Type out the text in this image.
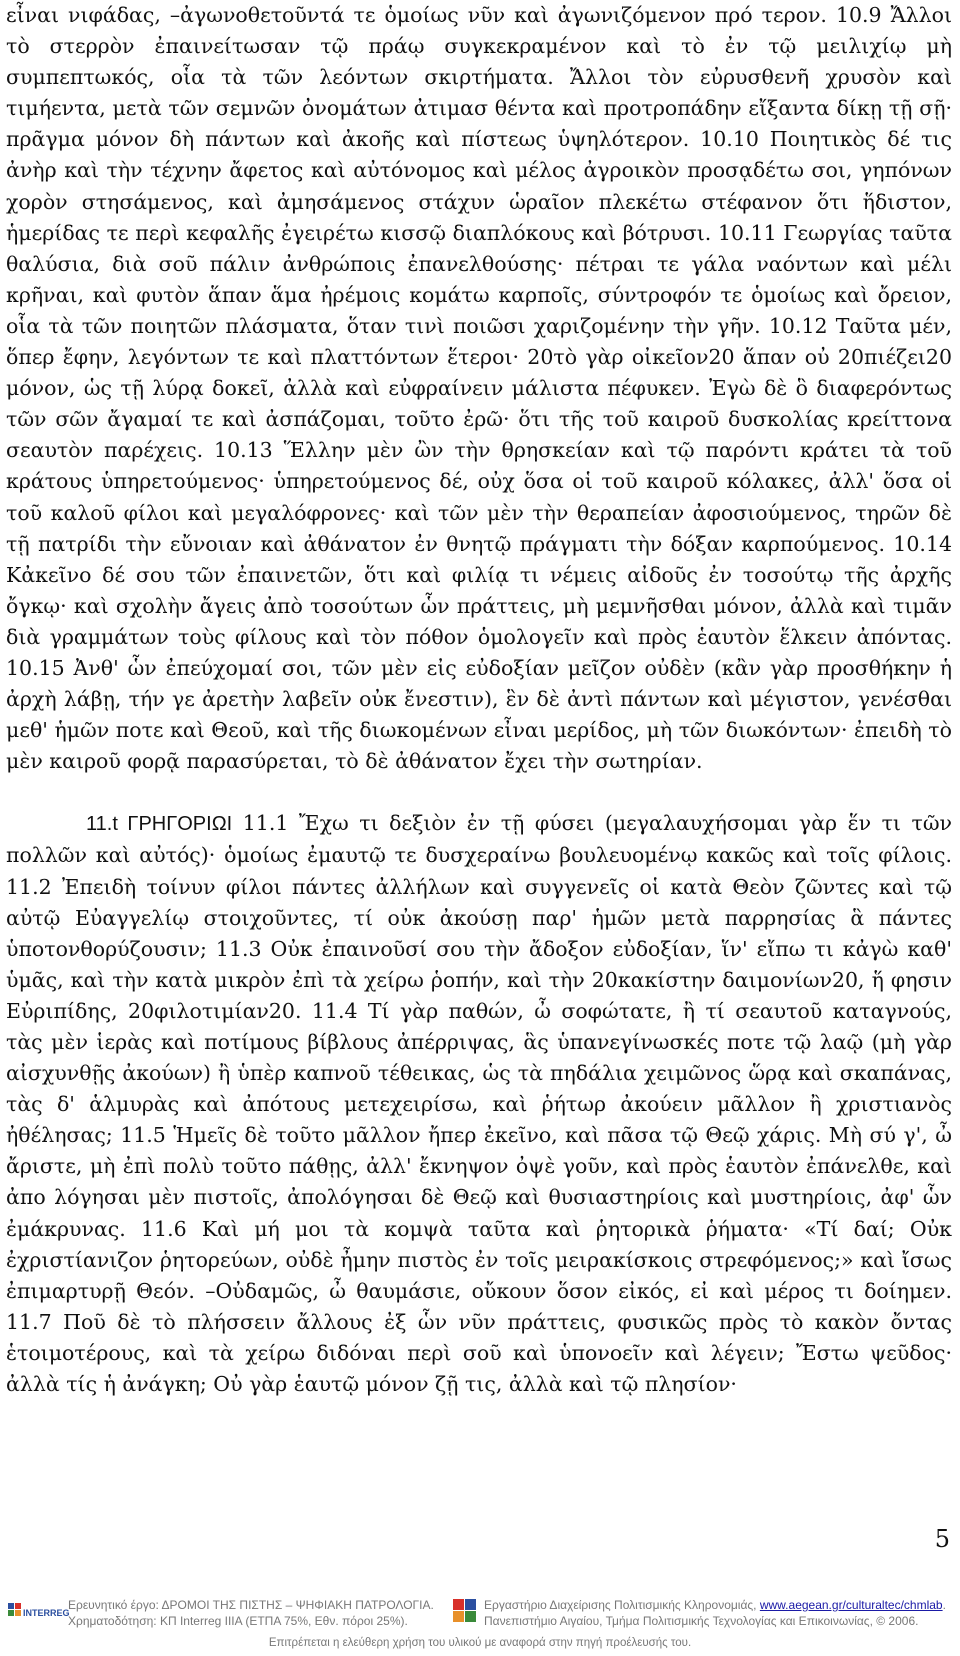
εἶναι νιφάδας, –ἀγωνοθετοῦντά τε ὁμοίως νῦν καὶ ἀγωνιζόμενον πρό τερον. 10.9 Ἄλλοι τὸ στερρὸν ἐπαινείτωσαν τῷ πράῳ συγκεκραμένον καὶ τὸ ἐν τῷ μειλιχίῳ μὴ συμπεπτωκός, οἷα τὰ τῶν λεόντων σκιρτήματα. Ἄλλοι τὸν εὐρυσθενῆ χρυσὸν καὶ τιμήεντα, μετὰ τῶν σεμνῶν ὀνομάτων ἀτιμασ θέντα καὶ προτροπάδην εἴξαντα δίκῃ τῇ σῇ· πρᾶγμα μόνον δὴ πάντων καὶ ἀκοῆς καὶ πίστεως ὑψηλότερον. 10.10 Ποιητικὸς δέ τις ἀνὴρ καὶ τὴν τέχνην ἄφετος καὶ αὐτόνομος καὶ μέλος ἀγροικὸν προσᾳδέτω σοι, γηπόνων χορὸν στησάμενος, καὶ ἀμησάμενος στάχυν ὡραῖον πλεκέτω στέφανον ὅτι ἥδιστον, ἡμερίδας τε περὶ κεφαλῆς ἐγειρέτω κισσῷ διαπλόκους καὶ βότρυσι. 10.11 Γεωργίας ταῦτα θαλύσια, διὰ σοῦ πάλιν ἀνθρώποις ἐπανελθούσης· πέτραι τε γάλα ναόντων καὶ μέλι κρῆναι, καὶ φυτὸν ἅπαν ἅμα ἠρέμοις κομάτω καρποῖς, σύντροφόν τε ὁμοίως καὶ ὄρειον, οἷα τὰ τῶν ποιητῶν πλάσματα, ὅταν τινὶ ποιῶσι χαριζομένην τὴν γῆν. 10.12 Ταῦτα μέν, ὅπερ ἔφην, λεγόντων τε καὶ πλαττόντων ἕτεροι· 20τὸ γὰρ οἰκεῖον20 ἅπαν οὐ 20πιέζει20 μόνον, ὡς τῇ λύρᾳ δοκεῖ, ἀλλὰ καὶ εὐφραίνειν μάλιστα πέφυκεν. Ἐγὼ δὲ ὃ διαφερόντως τῶν σῶν ἄγαμαί τε καὶ ἀσπάζομαι, τοῦτο ἐρῶ· ὅτι τῆς τοῦ καιροῦ δυσκολίας κρείττονα σεαυτὸν παρέχεις. 10.13 Ἕλλην μὲν ὢν τὴν θρησκείαν καὶ τῷ παρόντι κράτει τὰ τοῦ κράτους ὑπηρετούμενος· ὑπηρετούμενος δέ, οὐχ ὅσα οἱ τοῦ καιροῦ κόλακες, ἀλλ' ὅσα οἱ τοῦ καλοῦ φίλοι καὶ μεγαλόφρονες· καὶ τῶν μὲν τὴν θεραπείαν ἀφοσιούμενος, τηρῶν δὲ τῇ πατρίδι τὴν εὔνοιαν καὶ ἀθάνατον ἐν θνητῷ πράγματι τὴν δόξαν καρπούμενος. 10.14 Κἀκεῖνο δέ σου τῶν ἐπαινετῶν, ὅτι καὶ φιλίᾳ τι νέμεις αἰδοῦς ἐν τοσούτῳ τῆς ἀρχῆς ὄγκῳ· καὶ σχολὴν ἄγεις ἀπὸ τοσούτων ὧν πράττεις, μὴ μεμνῆσθαι μόνον, ἀλλὰ καὶ τιμᾶν διὰ γραμμάτων τοὺς φίλους καὶ τὸν πόθον ὁμολογεῖν καὶ πρὸς ἑαυτὸν ἕλκειν ἀπόντας. 10.15 Ἀνθ' ὧν ἐπεύχομαί σοι, τῶν μὲν εἰς εὐδοξίαν μεῖζον οὐδὲν (κἂν γὰρ προσθήκην ἡ ἀρχὴ λάβῃ, τήν γε ἀρετὴν λαβεῖν οὐκ ἔνεστιν), ἓν δὲ ἀντὶ πάντων καὶ μέγιστον, γενέσθαι μεθ' ἡμῶν ποτε καὶ Θεοῦ, καὶ τῆς διωκομένων εἶναι μερίδος, μὴ τῶν διωκόντων· ἐπειδὴ τὸ μὲν καιροῦ φορᾷ παρασύρεται, τὸ δὲ ἀθάνατον ἔχει τὴν σωτηρίαν.

11.t ΓΡΗΓΟΡΙΩΙ 11.1 Ἔχω τι δεξιὸν ἐν τῇ φύσει (μεγαλαυχήσομαι γὰρ ἕν τι τῶν πολλῶν καὶ αὐτός)· ὁμοίως ἐμαυτῷ τε δυσχεραίνω βουλευομένῳ κακῶς καὶ τοῖς φίλοις. 11.2 Ἐπειδὴ τοίνυν φίλοι πάντες ἀλλήλων καὶ συγγενεῖς οἱ κατὰ Θεὸν ζῶντες καὶ τῷ αὐτῷ Εὐαγγελίῳ στοιχοῦντες, τί οὐκ ἀκούσῃ παρ' ἡμῶν μετὰ παρρησίας ἃ πάντες ὑποτονθορύζουσιν; 11.3 Οὐκ ἐπαινοῦσί σου τὴν ἄδοξον εὐδοξίαν, ἵν' εἴπω τι κἀγὼ καθ' ὑμᾶς, καὶ τὴν κατὰ μικρὸν ἐπὶ τὰ χείρω ῥοπήν, καὶ τὴν 20κακίστην δαιμονίων20, ἥ φησιν Εὐριπίδης, 20φιλοτιμίαν20. 11.4 Τί γὰρ παθών, ὦ σοφώτατε, ἢ τί σεαυτοῦ καταγνούς, τὰς μὲν ἱερὰς καὶ ποτίμους βίβλους ἀπέρριψας, ἃς ὑπανεγίνωσκές ποτε τῷ λαῷ (μὴ γὰρ αἰσχυνθῇς ἀκούων) ἢ ὑπὲρ καπνοῦ τέθεικας, ὡς τὰ πηδάλια χειμῶνος ὥρᾳ καὶ σκαπάνας, τὰς δ' ἁλμυρὰς καὶ ἀπότους μετεχειρίσω, καὶ ῥήτωρ ἀκούειν μᾶλλον ἢ χριστιανὸς ἠθέλησας; 11.5 Ἡμεῖς δὲ τοῦτο μᾶλλον ἤπερ ἐκεῖνο, καὶ πᾶσα τῷ Θεῷ χάρις. Μὴ σύ γ', ὦ ἄριστε, μὴ ἐπὶ πολὺ τοῦτο πάθῃς, ἀλλ' ἔκνηψον ὀψὲ γοῦν, καὶ πρὸς ἑαυτὸν ἐπάνελθε, καὶ ἀπο λόγησαι μὲν πιστοῖς, ἀπολόγησαι δὲ Θεῷ καὶ θυσιαστηρίοις καὶ μυστηρίοις, ἀφ' ὧν ἐμάκρυνας. 11.6 Καὶ μή μοι τὰ κομψὰ ταῦτα καὶ ῥητορικὰ ῥήματα· «Τί δαί; Οὐκ ἐχριστίανιζον ῥητορεύων, οὐδὲ ἦμην πιστὸς ἐν τοῖς μειρακίσκοις στρεφόμενος;» καὶ ἴσως ἐπιμαρτυρῇ Θεόν. –Οὐδαμῶς, ὦ θαυμάσιε, οὔκουν ὅσον εἰκός, εἰ καὶ μέρος τι δοίημεν. 11.7 Ποῦ δὲ τὸ πλήσσειν ἄλλους ἐξ ὧν νῦν πράττεις, φυσικῶς πρὸς τὸ κακὸν ὄντας ἑτοιμοτέρους, καὶ τὰ χείρω διδόναι περὶ σοῦ καὶ ὑπονοεῖν καὶ λέγειν; Ἔστω ψεῦδος· ἀλλὰ τίς ἡ ἀνάγκη; Οὐ γὰρ ἑαυτῷ μόνον ζῇ τις, ἀλλὰ καὶ τῷ πλησίον·

5
INTERREG
Ερευνητικό έργο: ΔΡΟΜΟΙ ΤΗΣ ΠΙΣΤΗΣ – ΨΗΦΙΑΚΗ ΠΑΤΡΟΛΟΓΙΑ.
Χρηματοδότηση: ΚΠ Interreg IIIA (ΕΤΠΑ 75%, Εθν. πόροι 25%).
Εργαστήριο Διαχείρισης Πολιτισμικής Κληρονομιάς, www.aegean.gr/culturaltec/chmlab.
Πανεπιστήμιο Αιγαίου, Τμήμα Πολιτισμικής Τεχνολογίας και Επικοινωνίας, © 2006.
Επιτρέπεται η ελεύθερη χρήση του υλικού με αναφορά στην πηγή προέλευσής του.
